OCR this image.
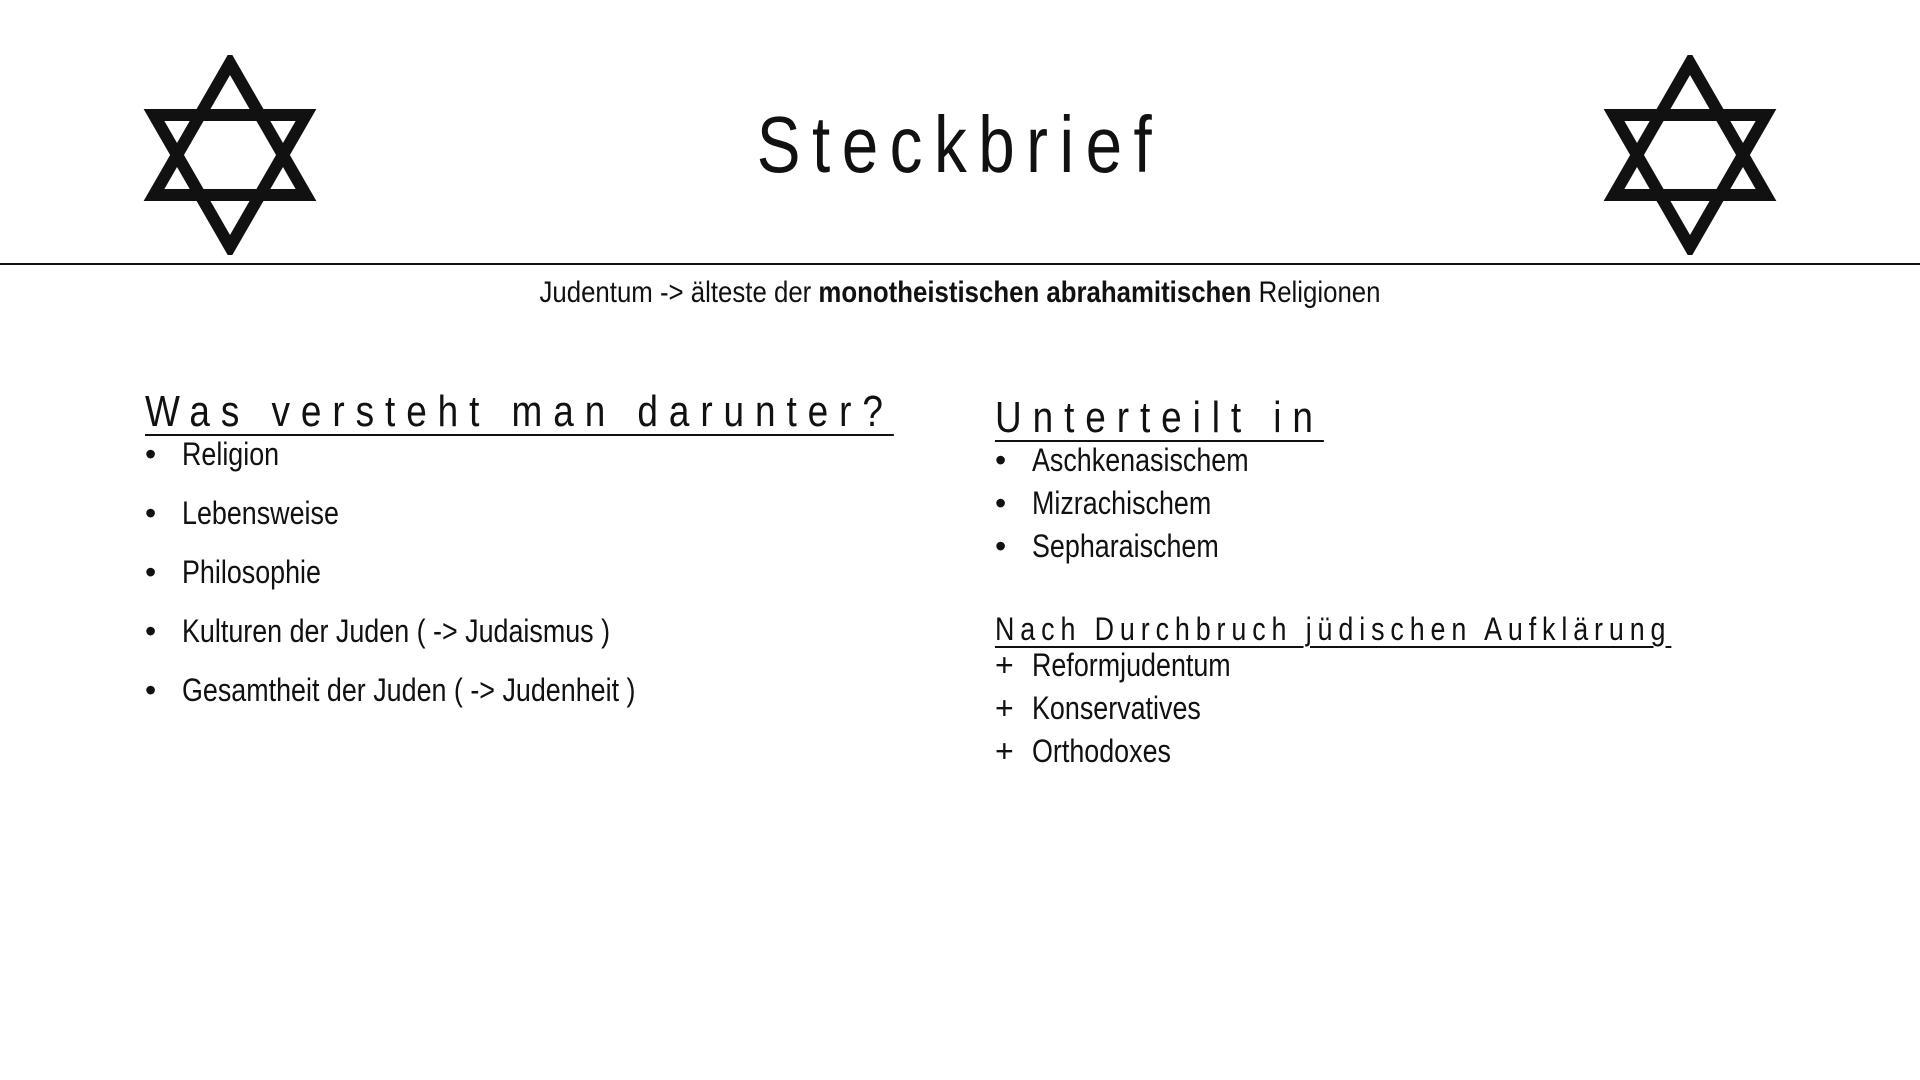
Steckbrief
Judentum -> älteste der monotheistischen abrahamitischen Religionen
Was versteht man darunter?
• Religion
• Lebensweise
• Philosophie
• Kulturen der Juden ( -> Judaismus )
• Gesamtheit der Juden ( -> Judenheit )
Unterteilt in
• Aschkenasischem
• Mizrachischem
• Sepharaischem
Nach Durchbruch jüdischen Aufklärung
+ Reformjudentum
+ Konservatives
+ Orthodoxes
